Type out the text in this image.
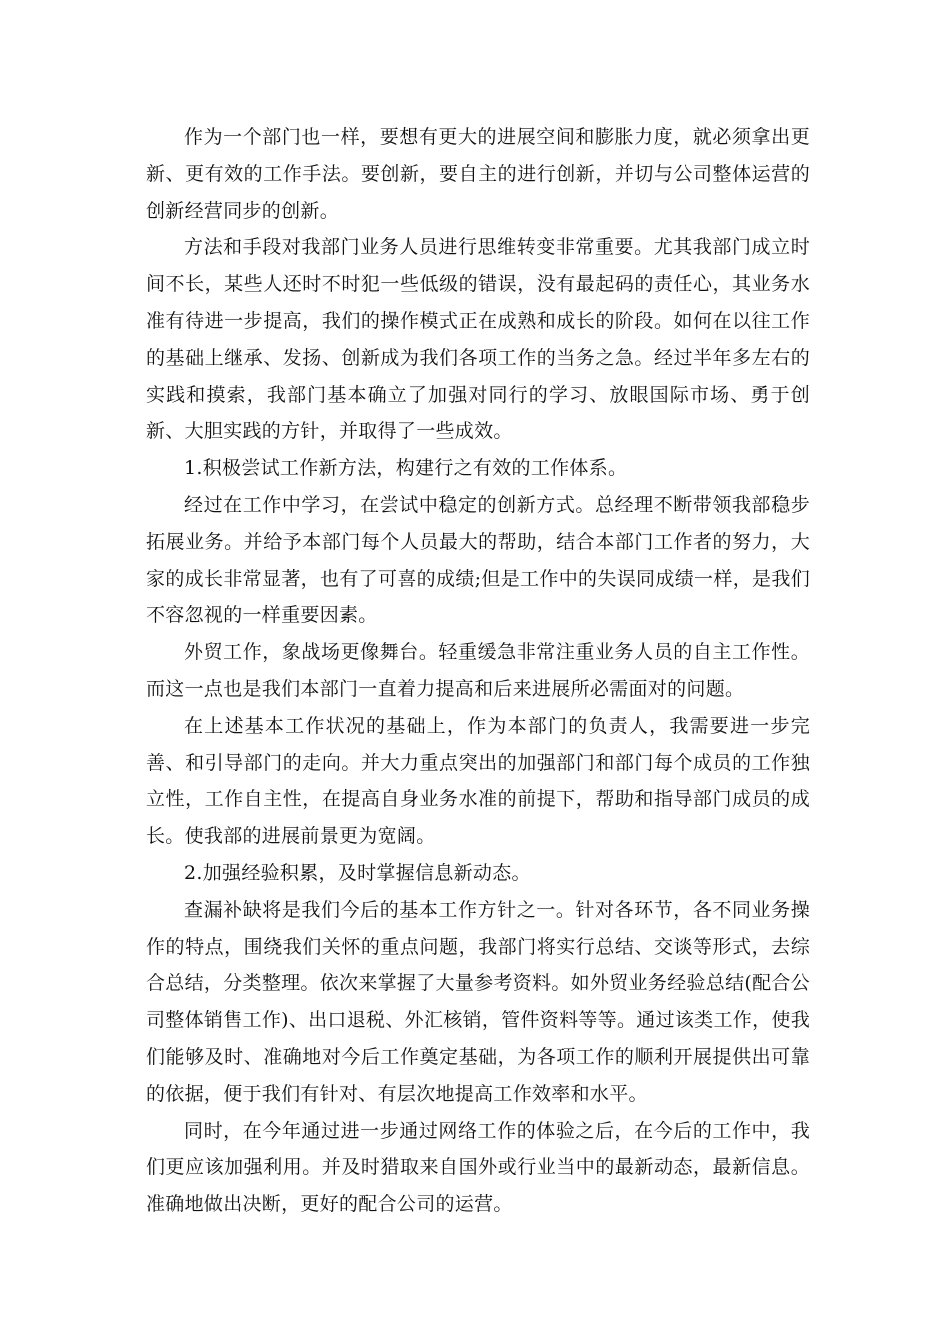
作为一个部门也一样，要想有更大的进展空间和膨胀力度，就必须拿出更新、更有效的工作手法。要创新，要自主的进行创新，并切与公司整体运营的创新经营同步的创新。

方法和手段对我部门业务人员进行思维转变非常重要。尤其我部门成立时间不长，某些人还时不时犯一些低级的错误，没有最起码的责任心，其业务水准有待进一步提高，我们的操作模式正在成熟和成长的阶段。如何在以往工作的基础上继承、发扬、创新成为我们各项工作的当务之急。经过半年多左右的实践和摸索，我部门基本确立了加强对同行的学习、放眼国际市场、勇于创新、大胆实践的方针，并取得了一些成效。

1.积极尝试工作新方法，构建行之有效的工作体系。

经过在工作中学习，在尝试中稳定的创新方式。总经理不断带领我部稳步拓展业务。并给予本部门每个人员最大的帮助，结合本部门工作者的努力，大家的成长非常显著，也有了可喜的成绩;但是工作中的失误同成绩一样，是我们不容忽视的一样重要因素。

外贸工作，象战场更像舞台。轻重缓急非常注重业务人员的自主工作性。而这一点也是我们本部门一直着力提高和后来进展所必需面对的问题。

在上述基本工作状况的基础上，作为本部门的负责人，我需要进一步完善、和引导部门的走向。并大力重点突出的加强部门和部门每个成员的工作独立性，工作自主性，在提高自身业务水准的前提下，帮助和指导部门成员的成长。使我部的进展前景更为宽阔。

2.加强经验积累，及时掌握信息新动态。

查漏补缺将是我们今后的基本工作方针之一。针对各环节，各不同业务操作的特点，围绕我们关怀的重点问题，我部门将实行总结、交谈等形式，去综合总结，分类整理。依次来掌握了大量参考资料。如外贸业务经验总结(配合公司整体销售工作)、出口退税、外汇核销，管件资料等等。通过该类工作，使我们能够及时、准确地对今后工作奠定基础，为各项工作的顺利开展提供出可靠的依据，便于我们有针对、有层次地提高工作效率和水平。

同时，在今年通过进一步通过网络工作的体验之后，在今后的工作中，我们更应该加强利用。并及时猎取来自国外或行业当中的最新动态，最新信息。准确地做出决断，更好的配合公司的运营。
